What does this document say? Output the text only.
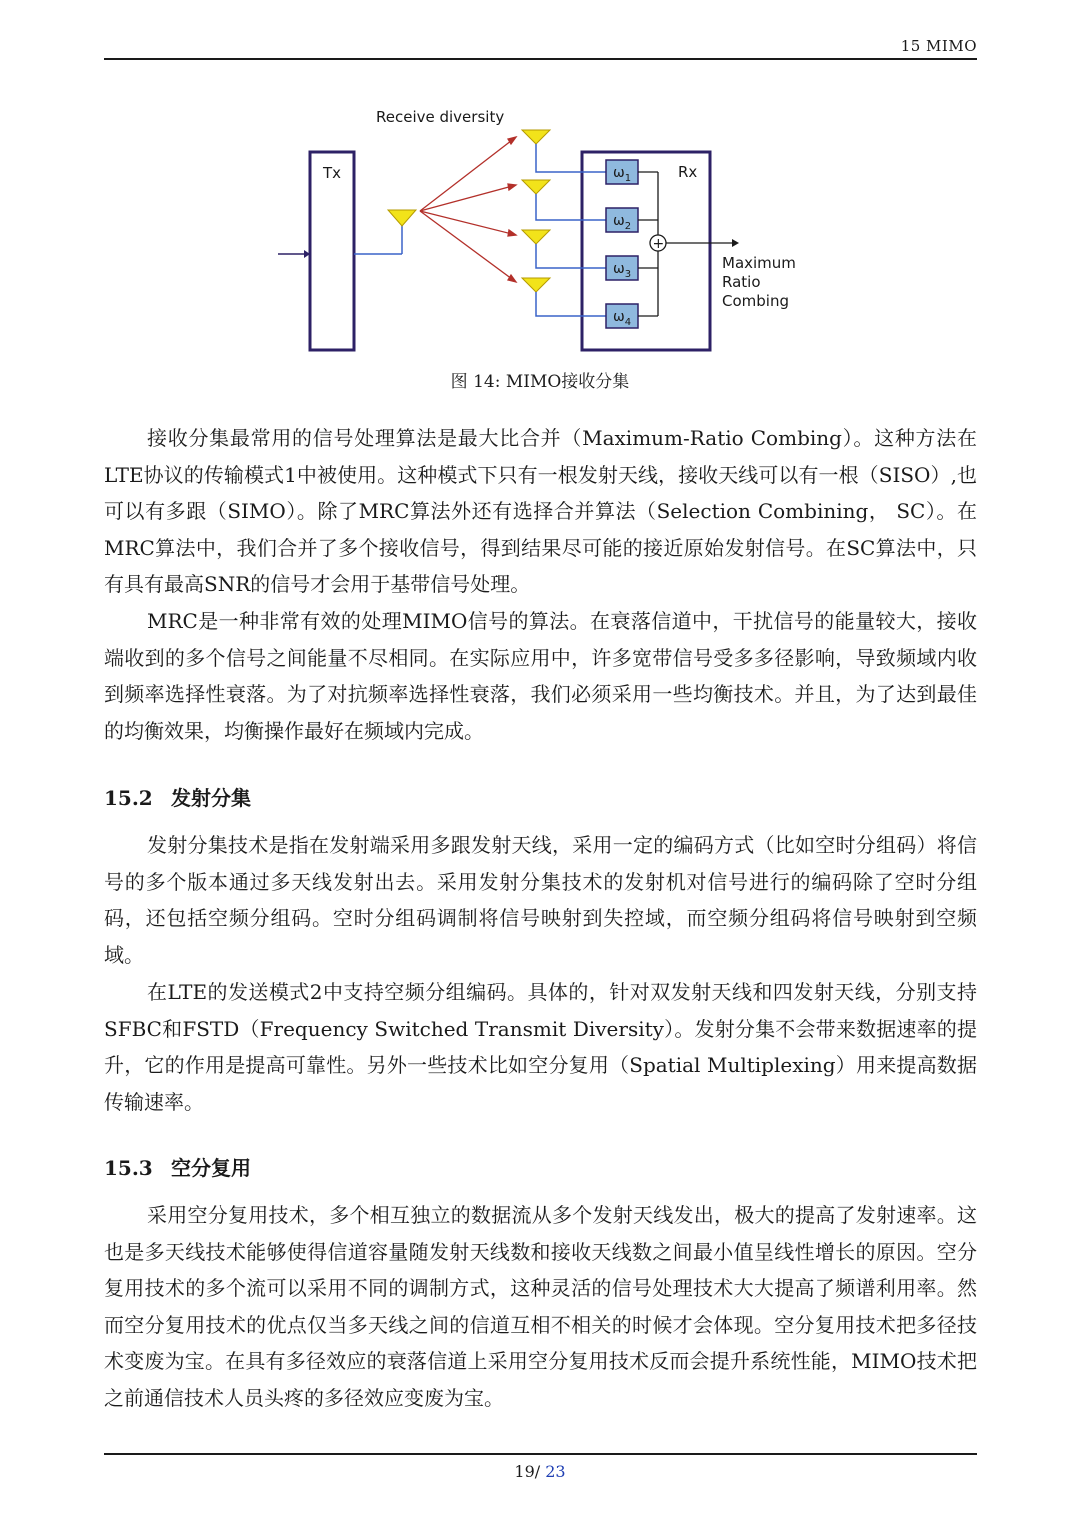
15 MIMO
Receive diversity
Tx	Rx
$\omega_1$
$\omega_2$
$\omega_3$
$\omega_4$
+
Maximum
Ratio
Combing
图 14: MIMO接收分集

接收分集最常用的信号处理算法是最大比合并（Maximum-Ratio Combing）。这种方法在LTE协议的传输模式1中被使用。这种模式下只有一根发射天线，接收天线可以有一根（SISO）,也可以有多跟（SIMO）。除了MRC算法外还有选择合并算法（Selection Combining， SC）。在MRC算法中，我们合并了多个接收信号，得到结果尽可能的接近原始发射信号。在SC算法中，只有具有最高SNR的信号才会用于基带信号处理。

MRC是一种非常有效的处理MIMO信号的算法。在衰落信道中，干扰信号的能量较大，接收端收到的多个信号之间能量不尽相同。在实际应用中，许多宽带信号受多多径影响，导致频域内收到频率选择性衰落。为了对抗频率选择性衰落，我们必须采用一些均衡技术。并且，为了达到最佳的均衡效果，均衡操作最好在频域内完成。

15.2 发射分集

发射分集技术是指在发射端采用多跟发射天线，采用一定的编码方式（比如空时分组码）将信号的多个版本通过多天线发射出去。采用发射分集技术的发射机对信号进行的编码除了空时分组码，还包括空频分组码。空时分组码调制将信号映射到失控域，而空频分组码将信号映射到空频域。

在LTE的发送模式2中支持空频分组编码。具体的，针对双发射天线和四发射天线，分别支持SFBC和FSTD（Frequency Switched Transmit Diversity）。发射分集不会带来数据速率的提升，它的作用是提高可靠性。另外一些技术比如空分复用（Spatial Multiplexing）用来提高数据传输速率。

15.3 空分复用

采用空分复用技术，多个相互独立的数据流从多个发射天线发出，极大的提高了发射速率。这也是多天线技术能够使得信道容量随发射天线数和接收天线数之间最小值呈线性增长的原因。空分复用技术的多个流可以采用不同的调制方式，这种灵活的信号处理技术大大提高了频谱利用率。然而空分复用技术的优点仅当多天线之间的信道互相不相关的时候才会体现。空分复用技术把多径技术变废为宝。在具有多径效应的衰落信道上采用空分复用技术反而会提升系统性能，MIMO技术把之前通信技术人员头疼的多径效应变废为宝。

19/ 23
